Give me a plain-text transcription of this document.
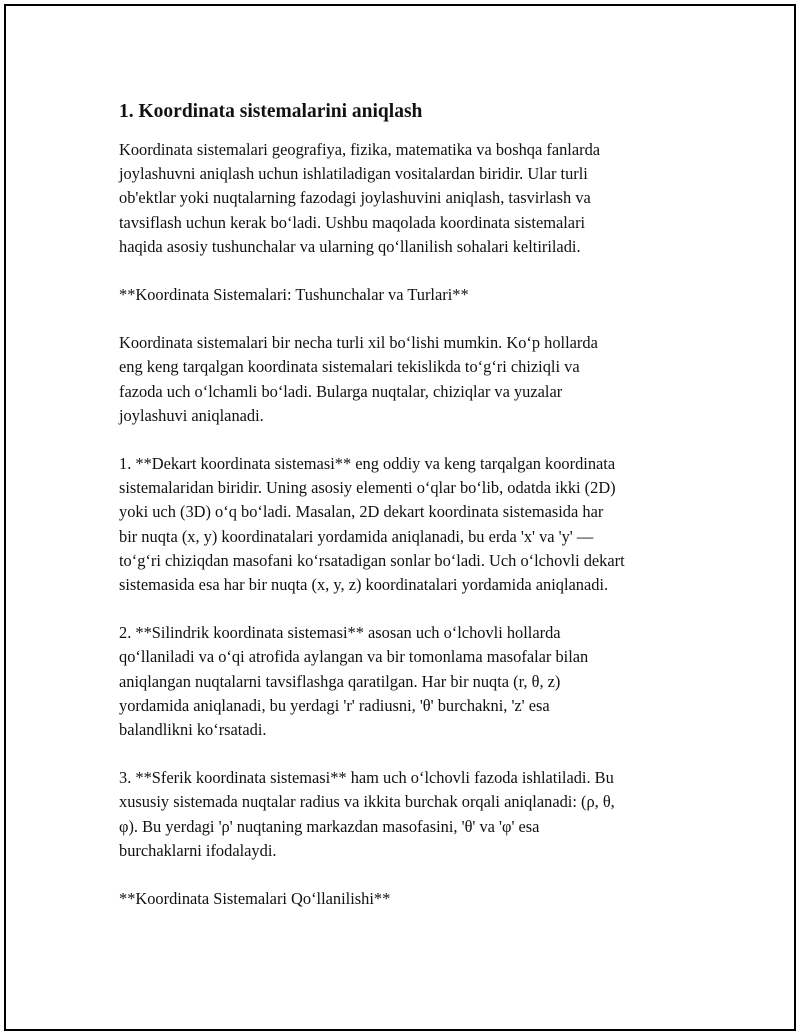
1. Koordinata sistemalarini aniqlash
Koordinata sistemalari geografiya, fizika, matematika va boshqa fanlarda
joylashuvni aniqlash uchun ishlatiladigan vositalardan biridir. Ular turli
ob'ektlar yoki nuqtalarning fazodagi joylashuvini aniqlash, tasvirlash va
tavsiflash uchun kerak bo‘ladi. Ushbu maqolada koordinata sistemalari
haqida asosiy tushunchalar va ularning qo‘llanilish sohalari keltiriladi.
**Koordinata Sistemalari: Tushunchalar va Turlari**
Koordinata sistemalari bir necha turli xil bo‘lishi mumkin. Ko‘p hollarda
eng keng tarqalgan koordinata sistemalari tekislikda to‘g‘ri chiziqli va
fazoda uch o‘lchamli bo‘ladi. Bularga nuqtalar, chiziqlar va yuzalar
joylashuvi aniqlanadi.
1. **Dekart koordinata sistemasi** eng oddiy va keng tarqalgan koordinata
sistemalaridan biridir. Uning asosiy elementi o‘qlar bo‘lib, odatda ikki (2D)
yoki uch (3D) o‘q bo‘ladi. Masalan, 2D dekart koordinata sistemasida har
bir nuqta (x, y) koordinatalari yordamida aniqlanadi, bu erda 'x' va 'y' —
to‘g‘ri chiziqdan masofani ko‘rsatadigan sonlar bo‘ladi. Uch o‘lchovli dekart
sistemasida esa har bir nuqta (x, y, z) koordinatalari yordamida aniqlanadi.
2. **Silindrik koordinata sistemasi** asosan uch o‘lchovli hollarda
qo‘llaniladi va o‘qi atrofida aylangan va bir tomonlama masofalar bilan
aniqlangan nuqtalarni tavsiflashga qaratilgan. Har bir nuqta (r, θ, z)
yordamida aniqlanadi, bu yerdagi 'r' radiusni, 'θ' burchakni, 'z' esa
balandlikni ko‘rsatadi.
3. **Sferik koordinata sistemasi** ham uch o‘lchovli fazoda ishlatiladi. Bu
xususiy sistemada nuqtalar radius va ikkita burchak orqali aniqlanadi: (ρ, θ,
φ). Bu yerdagi 'ρ' nuqtaning markazdan masofasini, 'θ' va 'φ' esa
burchaklarni ifodalaydi.
**Koordinata Sistemalari Qo‘llanilishi**
